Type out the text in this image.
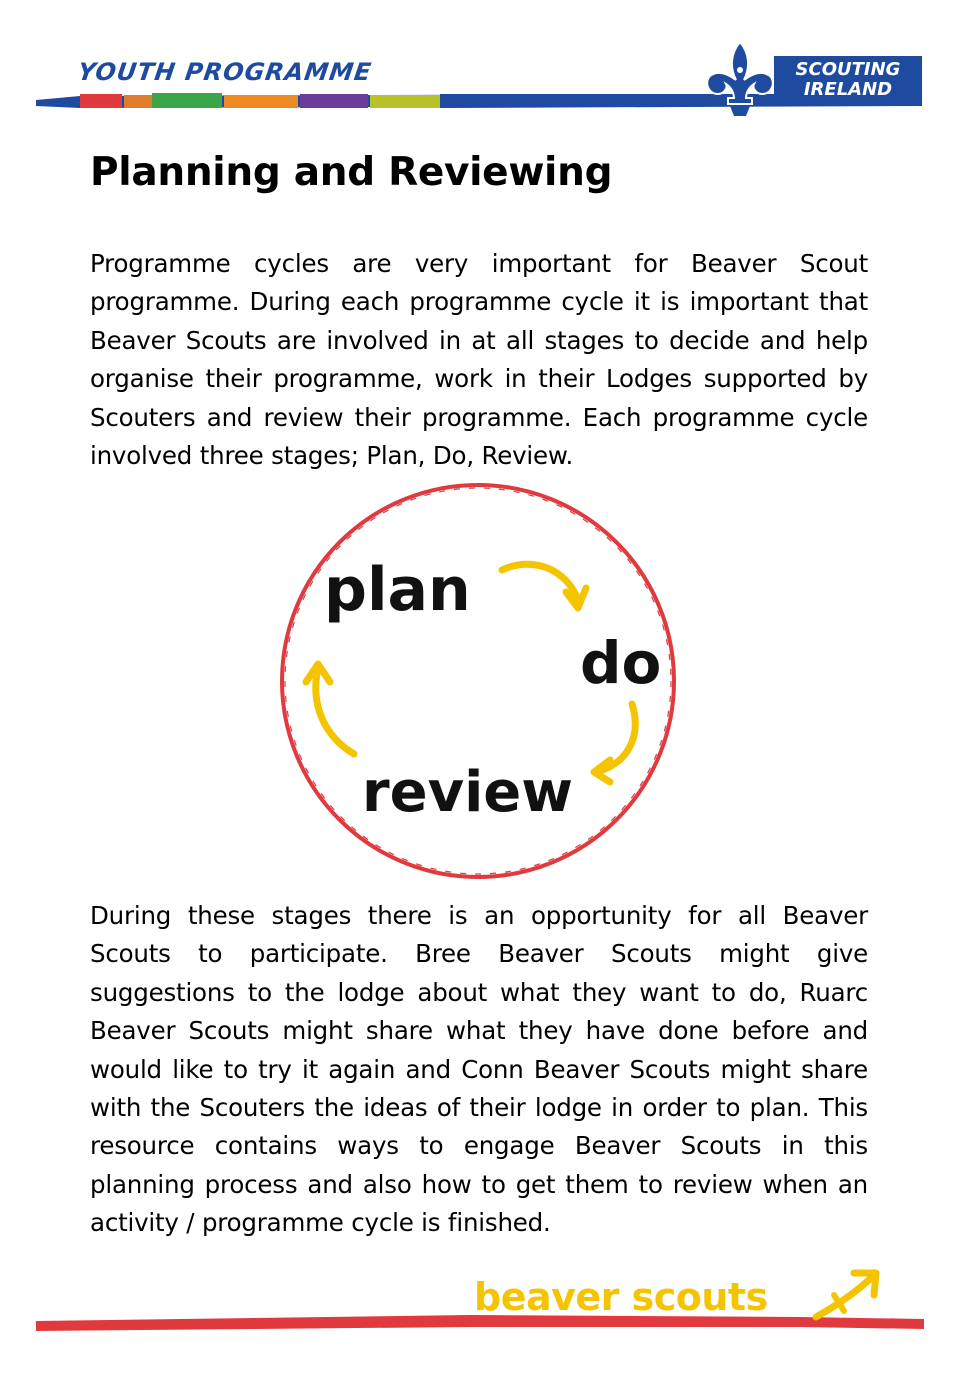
YOUTH PROGRAMME	SCOUTING
IRELAND
Planning and Reviewing

Programme cycles are very important for Beaver Scout programme. During each programme cycle it is important that Beaver Scouts are involved in at all stages to decide and help organise their programme, work in their Lodges supported by Scouters and review their programme. Each programme cycle involved three stages; Plan, Do, Review.

plan
do
review

During these stages there is an opportunity for all Beaver Scouts to participate. Bree Beaver Scouts might give suggestions to the lodge about what they want to do, Ruarc Beaver Scouts might share what they have done before and would like to try it again and Conn Beaver Scouts might share with the Scouters the ideas of their lodge in order to plan. This resource contains ways to engage Beaver Scouts in this planning process and also how to get them to review when an activity / programme cycle is finished.

beaver scouts
